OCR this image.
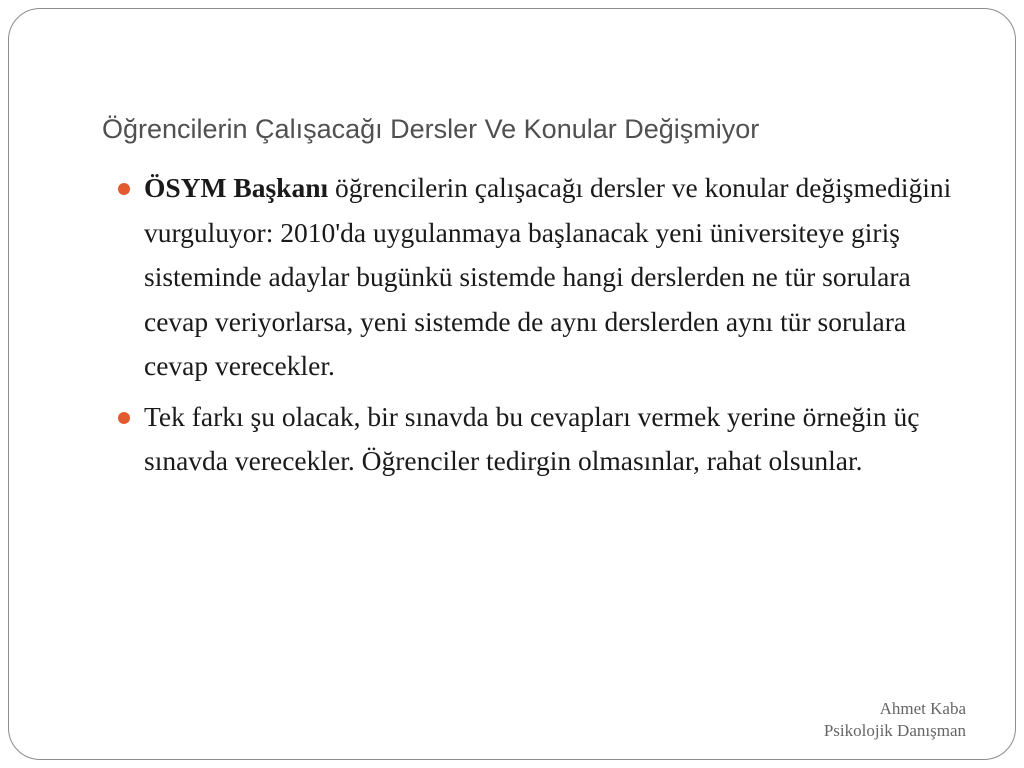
Öğrencilerin Çalışacağı Dersler Ve Konular Değişmiyor
ÖSYM Başkanı öğrencilerin çalışacağı dersler ve konular değişmediğini vurguluyor: 2010'da uygulanmaya başlanacak yeni üniversiteye giriş sisteminde adaylar bugünkü sistemde hangi derslerden ne tür sorulara cevap veriyorlarsa, yeni sistemde de aynı derslerden aynı tür sorulara cevap verecekler.
Tek farkı şu olacak, bir sınavda bu cevapları vermek yerine örneğin üç sınavda verecekler. Öğrenciler tedirgin olmasınlar, rahat olsunlar.
Ahmet Kaba
Psikolojik Danışman
